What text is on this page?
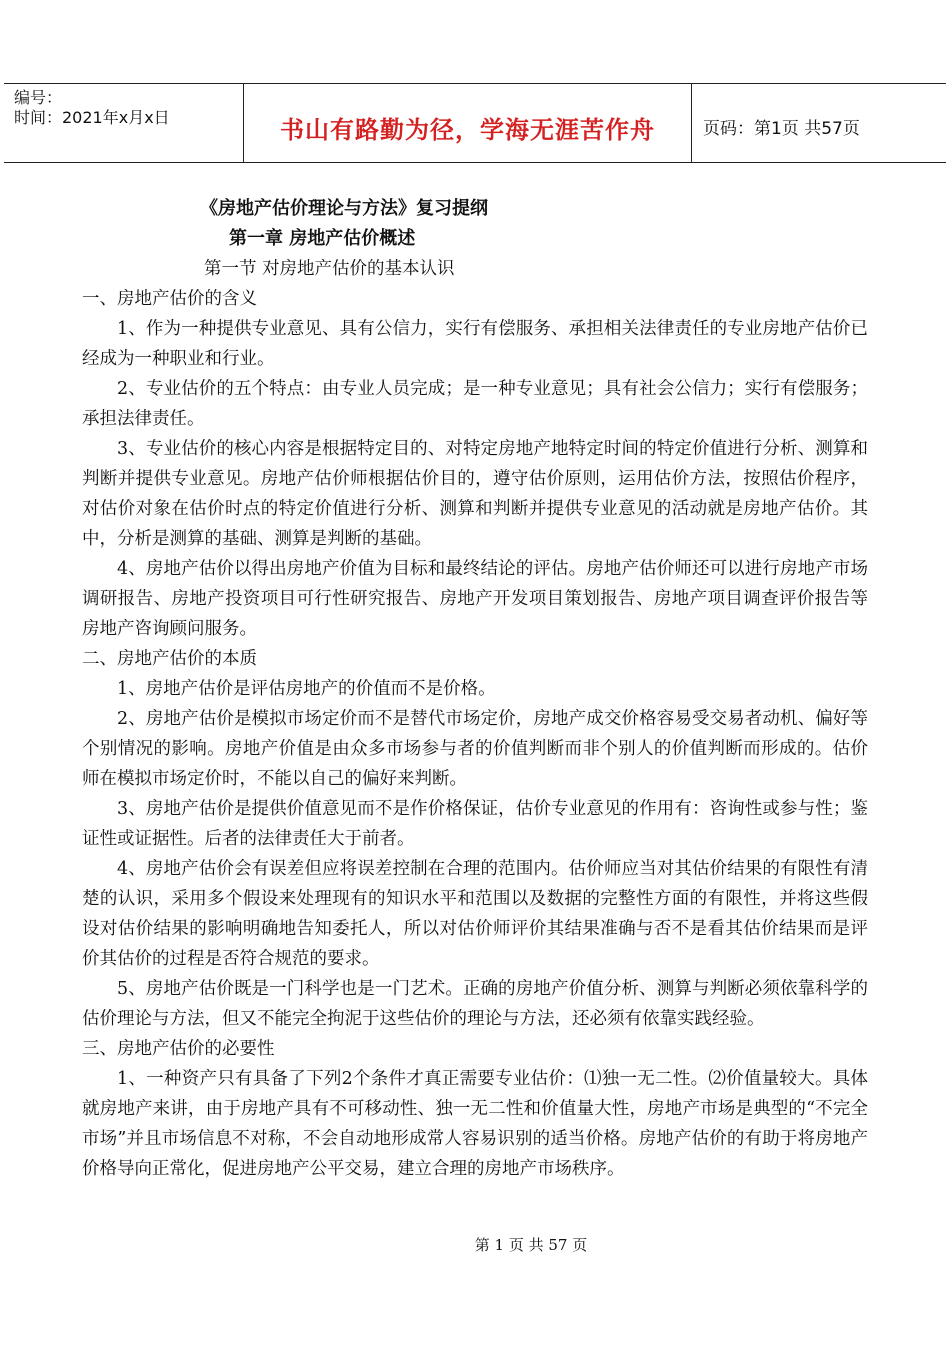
编号：
时间：2021年x月x日	书山有路勤为径，学海无涯苦作舟	页码：第1页 共57页
《房地产估价理论与方法》复习提纲
第一章 房地产估价概述
第一节 对房地产估价的基本认识
一、房地产估价的含义

1、作为一种提供专业意见、具有公信力，实行有偿服务、承担相关法律责任的专业房地产估价已经成为一种职业和行业。

2、专业估价的五个特点：由专业人员完成；是一种专业意见；具有社会公信力；实行有偿服务；承担法律责任。

3、专业估价的核心内容是根据特定目的、对特定房地产地特定时间的特定价值进行分析、测算和判断并提供专业意见。房地产估价师根据估价目的，遵守估价原则，运用估价方法，按照估价程序，对估价对象在估价时点的特定价值进行分析、测算和判断并提供专业意见的活动就是房地产估价。其中，分析是测算的基础、测算是判断的基础。

4、房地产估价以得出房地产价值为目标和最终结论的评估。房地产估价师还可以进行房地产市场调研报告、房地产投资项目可行性研究报告、房地产开发项目策划报告、房地产项目调查评价报告等房地产咨询顾问服务。

二、房地产估价的本质

1、房地产估价是评估房地产的价值而不是价格。

2、房地产估价是模拟市场定价而不是替代市场定价，房地产成交价格容易受交易者动机、偏好等个别情况的影响。房地产价值是由众多市场参与者的价值判断而非个别人的价值判断而形成的。估价师在模拟市场定价时，不能以自己的偏好来判断。

3、房地产估价是提供价值意见而不是作价格保证，估价专业意见的作用有：咨询性或参与性；鉴证性或证据性。后者的法律责任大于前者。

4、房地产估价会有误差但应将误差控制在合理的范围内。估价师应当对其估价结果的有限性有清楚的认识，采用多个假设来处理现有的知识水平和范围以及数据的完整性方面的有限性，并将这些假设对估价结果的影响明确地告知委托人，所以对估价师评价其结果准确与否不是看其估价结果而是评价其估价的过程是否符合规范的要求。

5、房地产估价既是一门科学也是一门艺术。正确的房地产价值分析、测算与判断必须依靠科学的估价理论与方法，但又不能完全拘泥于这些估价的理论与方法，还必须有依靠实践经验。

三、房地产估价的必要性

1、一种资产只有具备了下列2个条件才真正需要专业估价：⑴独一无二性。⑵价值量较大。具体就房地产来讲，由于房地产具有不可移动性、独一无二性和价值量大性，房地产市场是典型的“不完全市场”并且市场信息不对称，不会自动地形成常人容易识别的适当价格。房地产估价的有助于将房地产价格导向正常化，促进房地产公平交易，建立合理的房地产市场秩序。

第 1 页 共 57 页
